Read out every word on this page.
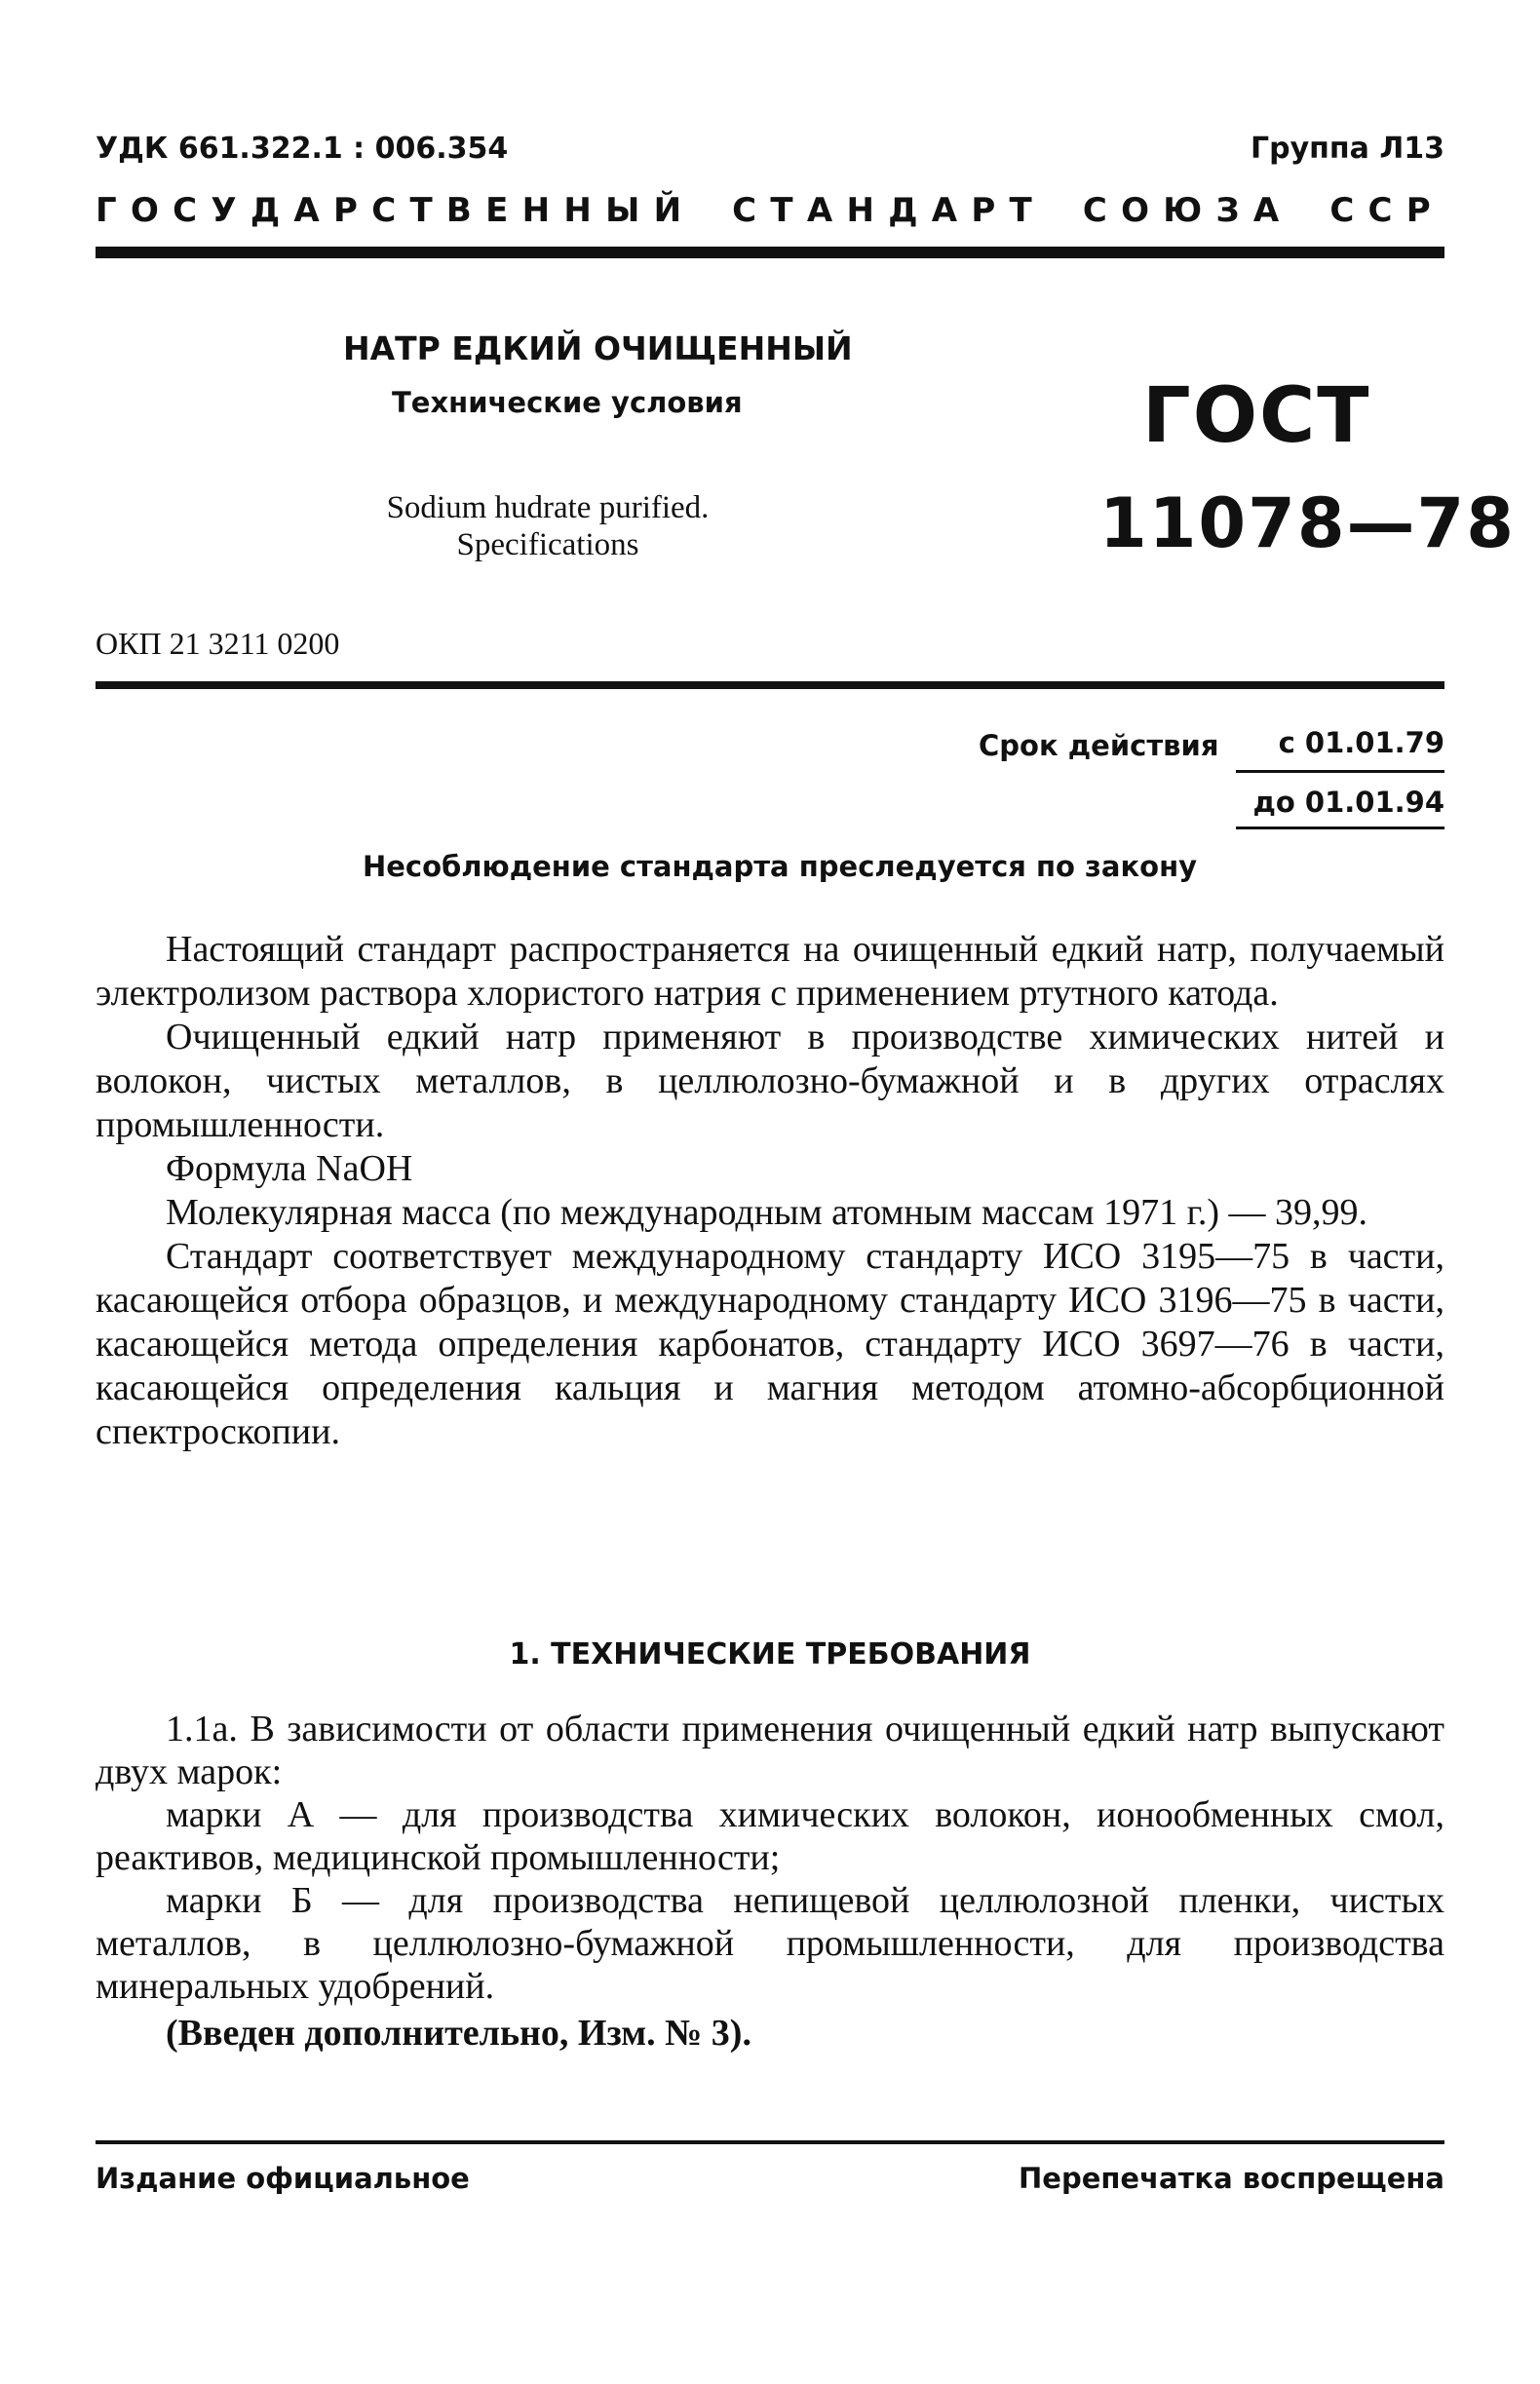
УДК 661.322.1 : 006.354	Группа Л13
ГОСУДАРСТВЕННЫЙ СТАНДАРТ СОЮЗА ССР
НАТР ЕДКИЙ ОЧИЩЕННЫЙ
Технические условия
Sodium hudrate purified.
Specifications
ГОСТ
11078—78
ОКП 21 3211 0200
Срок действия	с 01.01.79
до 01.01.94
Несоблюдение стандарта преследуется по закону

Настоящий стандарт распространяется на очищенный едкий натр, получаемый электролизом раствора хлористого натрия с применением ртутного катода.

Очищенный едкий натр применяют в производстве химических нитей и волокон, чистых металлов, в целлюлозно-бумажной и в других отраслях промышленности.

Формула NaOH

Молекулярная масса (по международным атомным массам 1971 г.) — 39,99.

Стандарт соответствует международному стандарту ИСО 3195—75 в части, касающейся отбора образцов, и международному стандарту ИСО 3196—75 в части, касающейся метода определения карбонатов, стандарту ИСО 3697—76 в части, касающейся определения кальция и магния методом атомно-абсорбционной спектроскопии.

1. ТЕХНИЧЕСКИЕ ТРЕБОВАНИЯ

1.1а. В зависимости от области применения очищенный едкий натр выпускают двух марок:

марки А — для производства химических волокон, ионообменных смол, реактивов, медицинской промышленности;

марки Б — для производства непищевой целлюлозной пленки, чистых металлов, в целлюлозно-бумажной промышленности, для производства минеральных удобрений.

(Введен дополнительно, Изм. № 3).

Издание официальное	Перепечатка воспрещена
